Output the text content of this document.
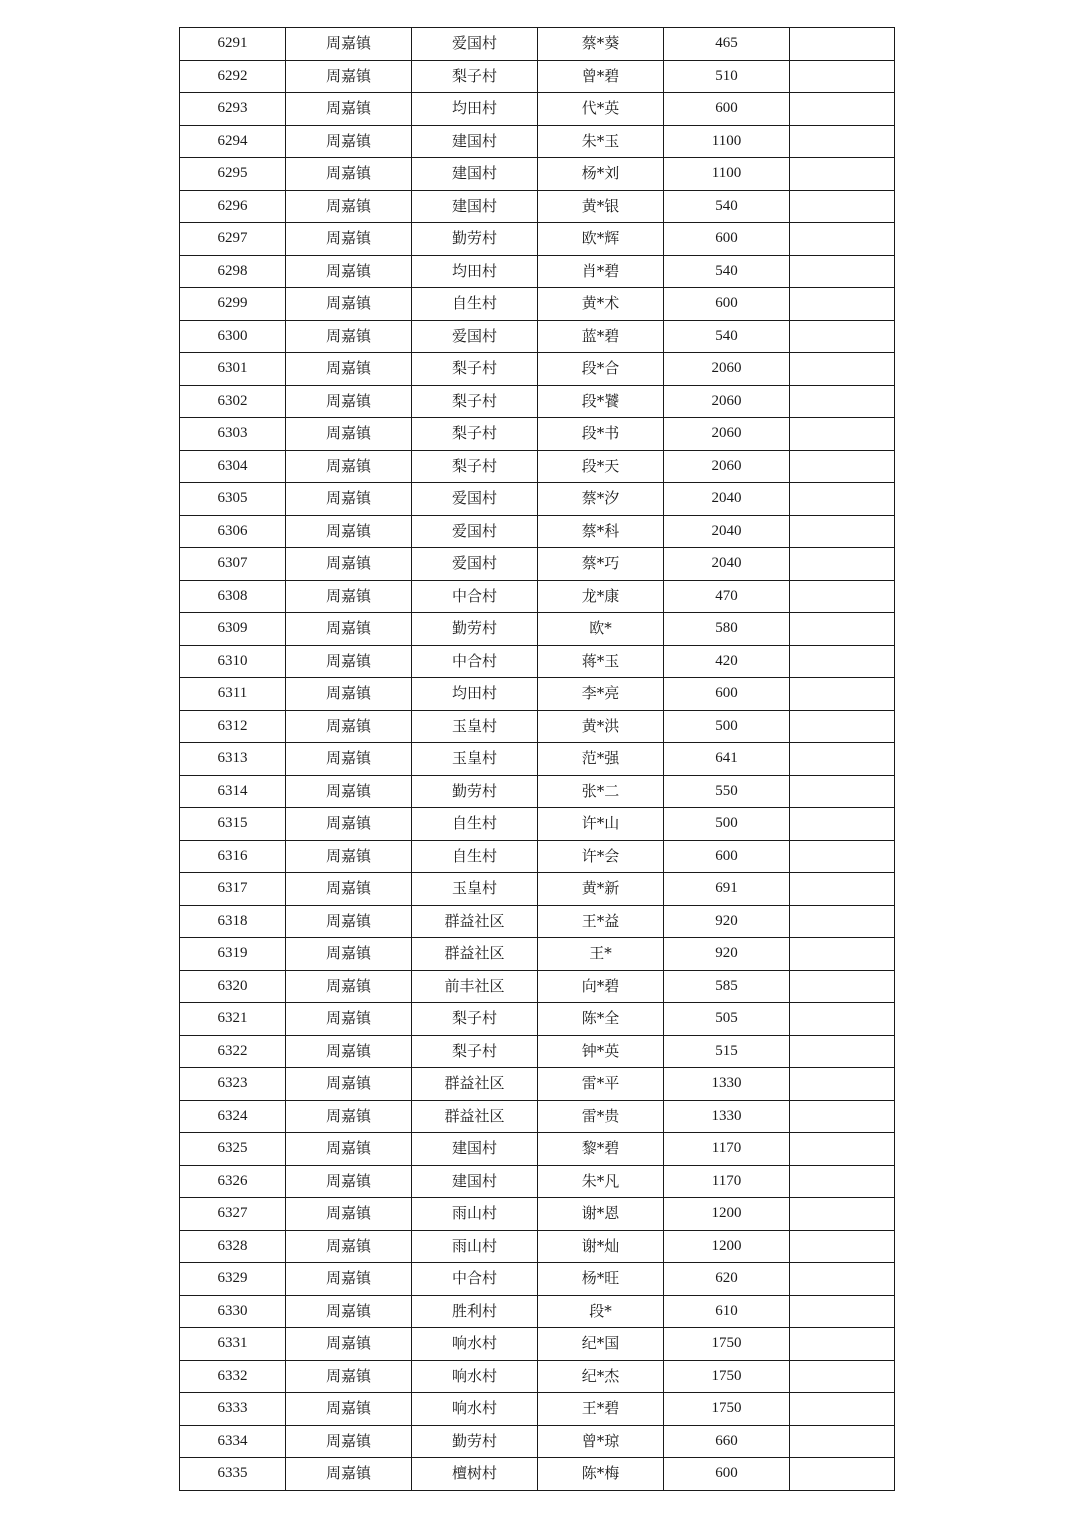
6291	周嘉镇	爱国村	蔡*葵	465	
6292	周嘉镇	梨子村	曾*碧	510	
6293	周嘉镇	均田村	代*英	600	
6294	周嘉镇	建国村	朱*玉	1100	
6295	周嘉镇	建国村	杨*刘	1100	
6296	周嘉镇	建国村	黄*银	540	
6297	周嘉镇	勤劳村	欧*辉	600	
6298	周嘉镇	均田村	肖*碧	540	
6299	周嘉镇	自生村	黄*术	600	
6300	周嘉镇	爱国村	蓝*碧	540	
6301	周嘉镇	梨子村	段*合	2060	
6302	周嘉镇	梨子村	段*饕	2060	
6303	周嘉镇	梨子村	段*书	2060	
6304	周嘉镇	梨子村	段*天	2060	
6305	周嘉镇	爱国村	蔡*汐	2040	
6306	周嘉镇	爱国村	蔡*科	2040	
6307	周嘉镇	爱国村	蔡*巧	2040	
6308	周嘉镇	中合村	龙*康	470	
6309	周嘉镇	勤劳村	欧*	580	
6310	周嘉镇	中合村	蒋*玉	420	
6311	周嘉镇	均田村	李*亮	600	
6312	周嘉镇	玉皇村	黄*洪	500	
6313	周嘉镇	玉皇村	范*强	641	
6314	周嘉镇	勤劳村	张*二	550	
6315	周嘉镇	自生村	许*山	500	
6316	周嘉镇	自生村	许*会	600	
6317	周嘉镇	玉皇村	黄*新	691	
6318	周嘉镇	群益社区	王*益	920	
6319	周嘉镇	群益社区	王*	920	
6320	周嘉镇	前丰社区	向*碧	585	
6321	周嘉镇	梨子村	陈*全	505	
6322	周嘉镇	梨子村	钟*英	515	
6323	周嘉镇	群益社区	雷*平	1330	
6324	周嘉镇	群益社区	雷*贵	1330	
6325	周嘉镇	建国村	黎*碧	1170	
6326	周嘉镇	建国村	朱*凡	1170	
6327	周嘉镇	雨山村	谢*恩	1200	
6328	周嘉镇	雨山村	谢*灿	1200	
6329	周嘉镇	中合村	杨*旺	620	
6330	周嘉镇	胜利村	段*	610	
6331	周嘉镇	响水村	纪*国	1750	
6332	周嘉镇	响水村	纪*杰	1750	
6333	周嘉镇	响水村	王*碧	1750	
6334	周嘉镇	勤劳村	曾*琼	660	
6335	周嘉镇	檀树村	陈*梅	600	
